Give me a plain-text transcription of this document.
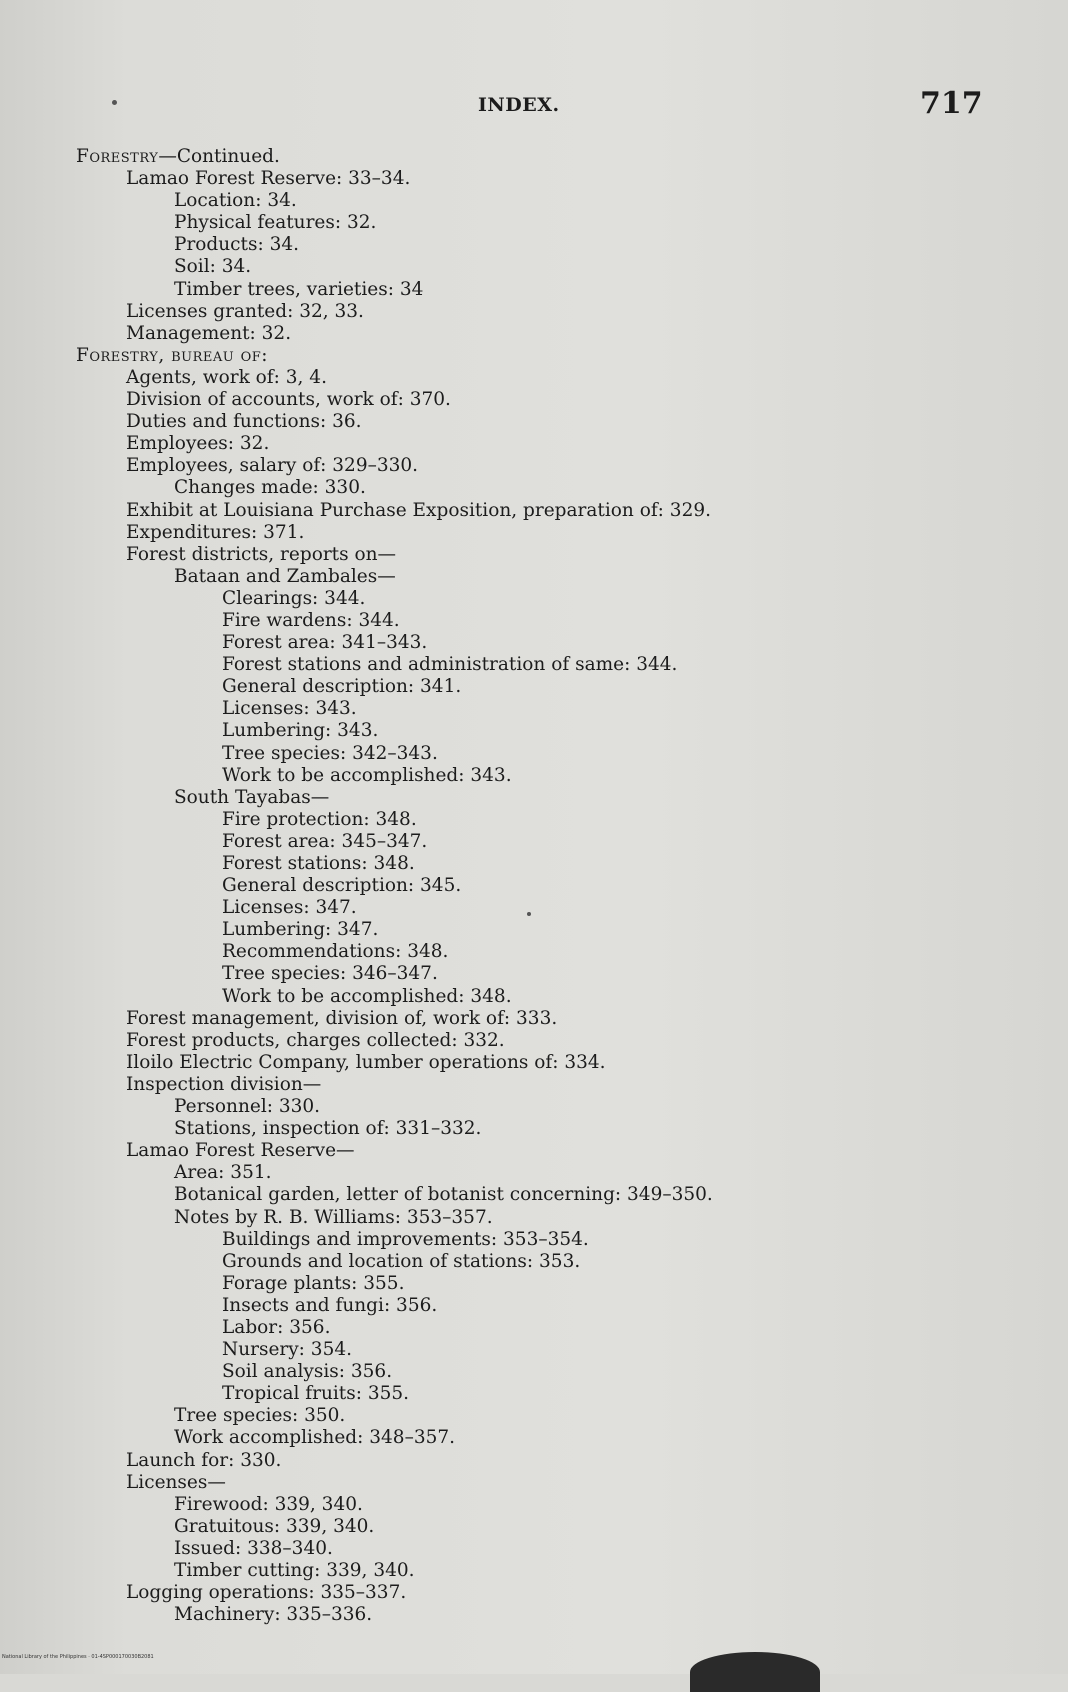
INDEX.	717
Forestry—Continued.
Lamao Forest Reserve: 33–34.
Location: 34.
Physical features: 32.
Products: 34.
Soil: 34.
Timber trees, varieties: 34
Licenses granted: 32, 33.
Management: 32.
Forestry, bureau of:
Agents, work of: 3, 4.
Division of accounts, work of: 370.
Duties and functions: 36.
Employees: 32.
Employees, salary of: 329–330.
Changes made: 330.
Exhibit at Louisiana Purchase Exposition, preparation of: 329.
Expenditures: 371.
Forest districts, reports on—
Bataan and Zambales—
Clearings: 344.
Fire wardens: 344.
Forest area: 341–343.
Forest stations and administration of same: 344.
General description: 341.
Licenses: 343.
Lumbering: 343.
Tree species: 342–343.
Work to be accomplished: 343.
South Tayabas—
Fire protection: 348.
Forest area: 345–347.
Forest stations: 348.
General description: 345.
Licenses: 347.
Lumbering: 347.
Recommendations: 348.
Tree species: 346–347.
Work to be accomplished: 348.
Forest management, division of, work of: 333.
Forest products, charges collected: 332.
Iloilo Electric Company, lumber operations of: 334.
Inspection division—
Personnel: 330.
Stations, inspection of: 331–332.
Lamao Forest Reserve—
Area: 351.
Botanical garden, letter of botanist concerning: 349–350.
Notes by R. B. Williams: 353–357.
Buildings and improvements: 353–354.
Grounds and location of stations: 353.
Forage plants: 355.
Insects and fungi: 356.
Labor: 356.
Nursery: 354.
Soil analysis: 356.
Tropical fruits: 355.
Tree species: 350.
Work accomplished: 348–357.
Launch for: 330.
Licenses—
Firewood: 339, 340.
Gratuitous: 339, 340.
Issued: 338–340.
Timber cutting: 339, 340.
Logging operations: 335–337.
Machinery: 335–336.
National Library of the Philippines · 01-4SP000170030B2081
